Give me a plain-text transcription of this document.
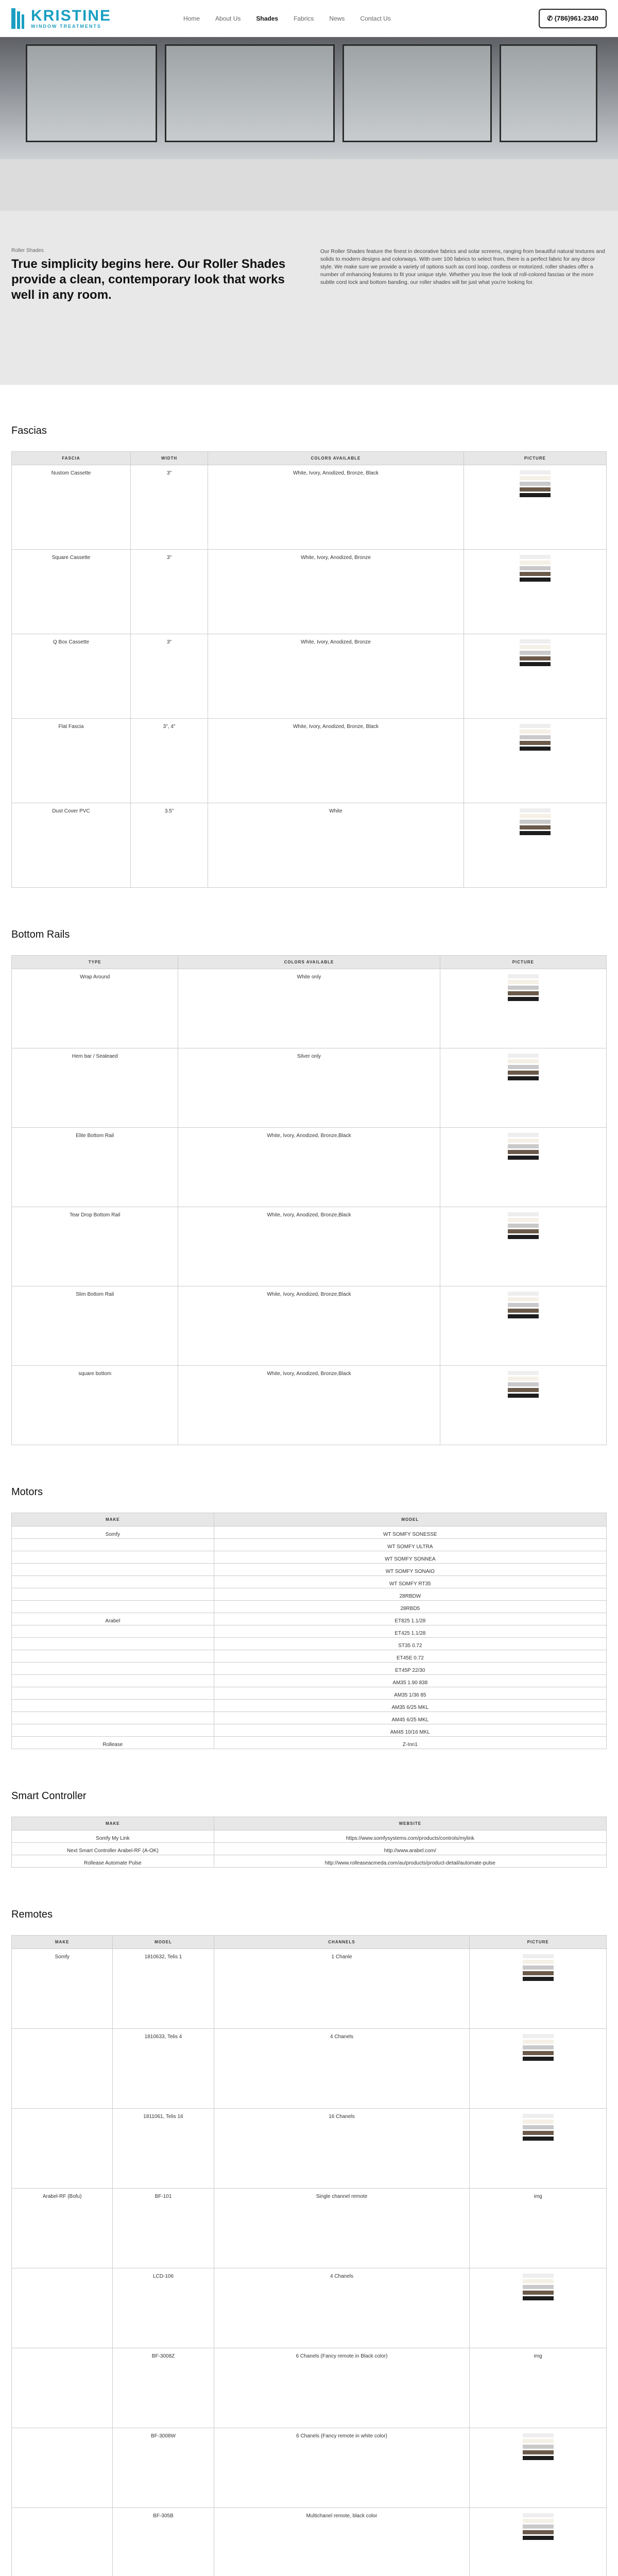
KRISTINE
WINDOW TREATMENTS
Home	About Us	Shades	Fabrics	News	Contact Us	✆ (786)961-2340
Roller Shades
True simplicity begins here. Our Roller Shades provide a clean, contemporary look that works well in any room.
Our Roller Shades feature the finest in decorative fabrics and solar screens, ranging from beautiful natural textures and solids to modern designs and colorways. With over 100 fabrics to select from, there is a perfect fabric for any decor style. We make sure we provide a variety of options such as cord loop, cordless or motorized. roller shades offer a number of enhancing features to fit your unique style. Whether you love the look of roll-colored fascias or the more subtle cord lock and bottom banding, our roller shades will be just what you're looking for.
Fascias
FASCIA	WIDTH	COLORS AVAILABLE	PICTURE
Nustom Cassette	3"	White, Ivory, Anodized, Bronze, Black	

Square Cassette	3"	White, Ivory, Anodized, Bronze	

Q Box Cassette	3"	White, Ivory, Anodized, Bronze	

Flat Fascia	3", 4"	White, Ivory, Anodized, Bronze, Black	

Dust Cover PVC	3.5"	White	
Bottom Rails
TYPE	COLORS AVAILABLE	PICTURE
Wrap Around	White only	

Hem bar / Sealeaed	Silver only	

Elite Bottom Rail	White, Ivory, Anodized, Bronze,Black	

Tear Drop Bottom Rail	White, Ivory, Anodized, Bronze,Black	

Slim Bottom Rail	White, Ivory, Anodized, Bronze,Black	

square bottom	White, Ivory, Anodized, Bronze,Black	
Motors
MAKE	MODEL
Somfy	WT SOMFY SONESSE
	WT SOMFY ULTRA
	WT SOMFY SONNEA
	WT SOMFY SONAIO
	WT SOMFY RT35
	28RBDW
	28RBD5
Arabel	ET825 1.1/28
	ET425 1.1/28
	ST35 0.72
	ET45E 0.72
	ET45P 22/30
	AM35 1.90 838
	AM35 1/36 85
	AM35 6/25 MKL
	AM45 6/25 MKL
	AM45 10/16 MKL
Rollease	Z-Inn1
Smart Controller
MAKE	WEBSITE
Somfy My Link	https://www.somfysystems.com/products/controls/mylink
Next Smart Controller Arabel-RF (A-OK)	http://www.arabel.com/
Rollease Automate Pulse	http://www.rolleaseacmeda.com/au/products/product-detail/automate-pulse
Remotes
MAKE	MODEL	CHANNELS	PICTURE
Somfy	1810632, Telis 1	1 Chanle	

	1810633, Telis 4	4 Chanels	

	1811061, Telis 16	16 Chanels	

Arabel-RF (Bofu)	BF-101	Single channel remote	img
	LCD-106	4 Chanels	

	BF-3008Z	6 Chanels (Fancy remote in Black color)	img
	BF-3008W	6 Chanels (Fancy remote in white color)	

	BF-305B	Multichanel remote, black color	
